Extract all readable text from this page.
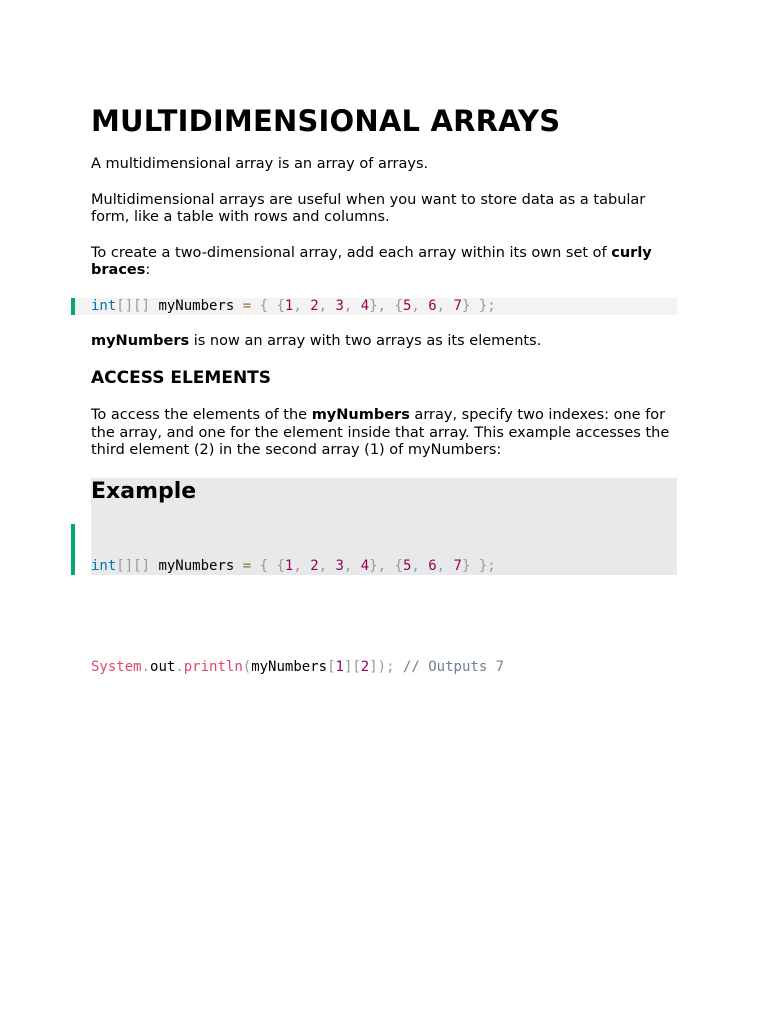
MULTIDIMENSIONAL ARRAYS

A multidimensional array is an array of arrays.

Multidimensional arrays are useful when you want to store data as a tabular form, like a table with rows and columns.

To create a two-dimensional array, add each array within its own set of curly braces:

int[][] myNumbers = { {1, 2, 3, 4}, {5, 6, 7} };

myNumbers is now an array with two arrays as its elements.

ACCESS ELEMENTS

To access the elements of the myNumbers array, specify two indexes: one for the array, and one for the element inside that array. This example accesses the third element (2) in the second array (1) of myNumbers:

Example

int[][] myNumbers = { {1, 2, 3, 4}, {5, 6, 7} };

System.out.println(myNumbers[1][2]); // Outputs 7
